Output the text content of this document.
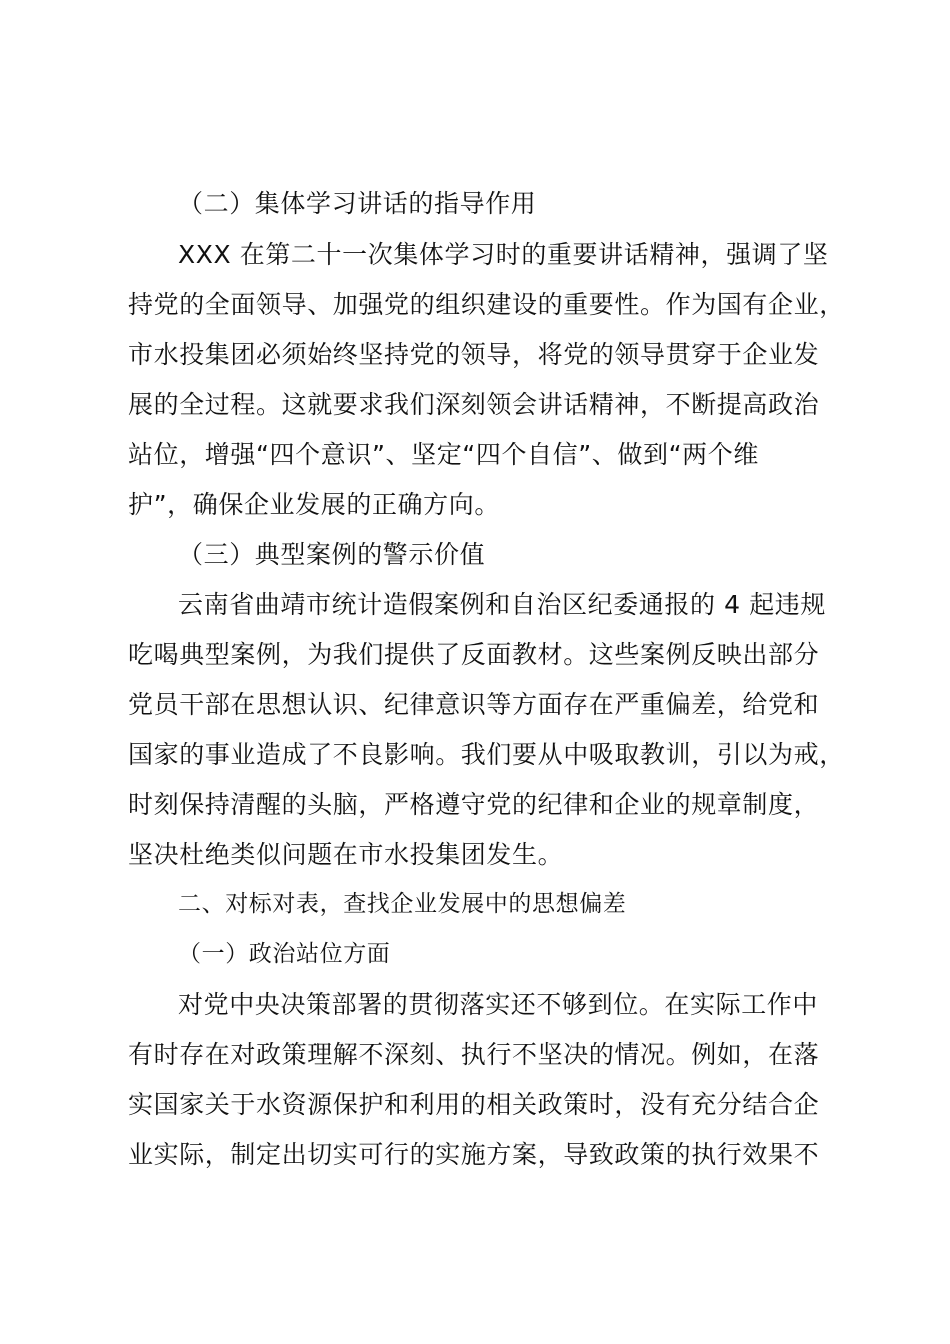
（二）集体学习讲话的指导作用
XXX 在第二十一次集体学习时的重要讲话精神，强调了坚
持党的全面领导、加强党的组织建设的重要性。作为国有企业，
市水投集团必须始终坚持党的领导，将党的领导贯穿于企业发
展的全过程。这就要求我们深刻领会讲话精神，不断提高政治
站位，增强“四个意识”、坚定“四个自信”、做到“两个维
护”，确保企业发展的正确方向。
（三）典型案例的警示价值
云南省曲靖市统计造假案例和自治区纪委通报的 4 起违规
吃喝典型案例，为我们提供了反面教材。这些案例反映出部分
党员干部在思想认识、纪律意识等方面存在严重偏差，给党和
国家的事业造成了不良影响。我们要从中吸取教训，引以为戒，
时刻保持清醒的头脑，严格遵守党的纪律和企业的规章制度，
坚决杜绝类似问题在市水投集团发生。
二、对标对表，查找企业发展中的思想偏差
（一）政治站位方面
对党中央决策部署的贯彻落实还不够到位。在实际工作中
有时存在对政策理解不深刻、执行不坚决的情况。例如，在落
实国家关于水资源保护和利用的相关政策时，没有充分结合企
业实际，制定出切实可行的实施方案，导致政策的执行效果不
